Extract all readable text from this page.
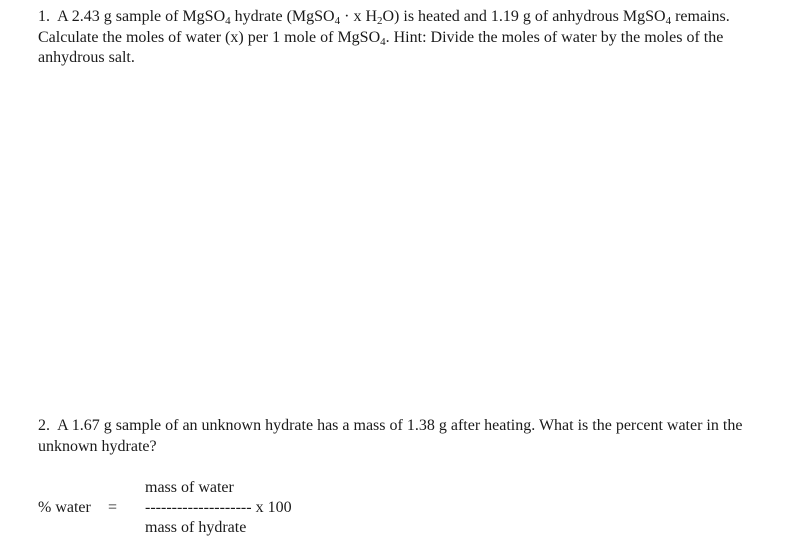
1. A 2.43 g sample of MgSO$_4$ hydrate (MgSO$_4$ · x $H_2O$) is heated and 1.19 g of anhydrous MgSO$_4$ remains. Calculate the moles of water (x) per 1 mole of MgSO$_4$. Hint: Divide the moles of water by the moles of the anhydrous salt.

2. A 1.67 g sample of an unknown hydrate has a mass of 1.38 g after heating. What is the percent water in the unknown hydrate?

% water =
mass of water
-------------------- x 100
mass of hydrate
